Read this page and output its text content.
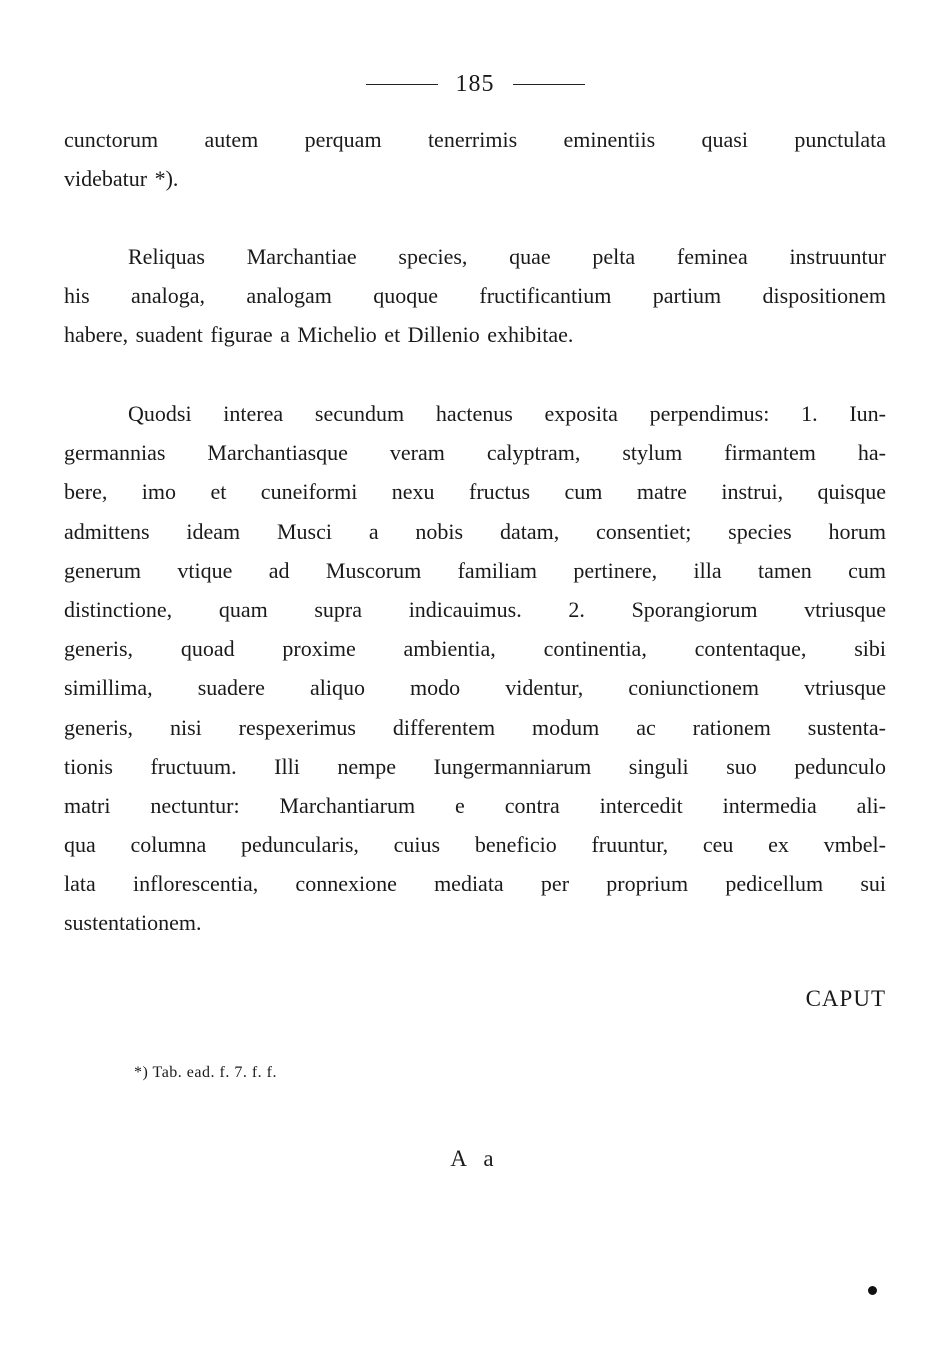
185
cunctorum autem perquam tenerrimis eminentiis quasi punctulata
videbatur *).
Reliquas Marchantiae species, quae pelta feminea instruuntur
his analoga, analogam quoque fructificantium partium dispositionem
habere, suadent figurae a Michelio et Dillenio exhibitae.
Quodsi interea secundum hactenus exposita perpendimus: 1. Iun-
germannias Marchantiasque veram calyptram, stylum firmantem ha-
bere, imo et cuneiformi nexu fructus cum matre instrui, quisque
admittens ideam Musci a nobis datam, consentiet; species horum
generum vtique ad Muscorum familiam pertinere, illa tamen cum
distinctione, quam supra indicauimus. 2. Sporangiorum vtriusque
generis, quoad proxime ambientia, continentia, contentaque, sibi
simillima, suadere aliquo modo videntur, coniunctionem vtriusque
generis, nisi respexerimus differentem modum ac rationem sustenta-
tionis fructuum. Illi nempe Iungermanniarum singuli suo pedunculo
matri nectuntur: Marchantiarum e contra intercedit intermedia ali-
qua columna peduncularis, cuius beneficio fruuntur, ceu ex vmbel-
lata inflorescentia, connexione mediata per proprium pedicellum sui
sustentationem.
CAPUT
*) Tab. ead. f. 7. f. f.
A a
